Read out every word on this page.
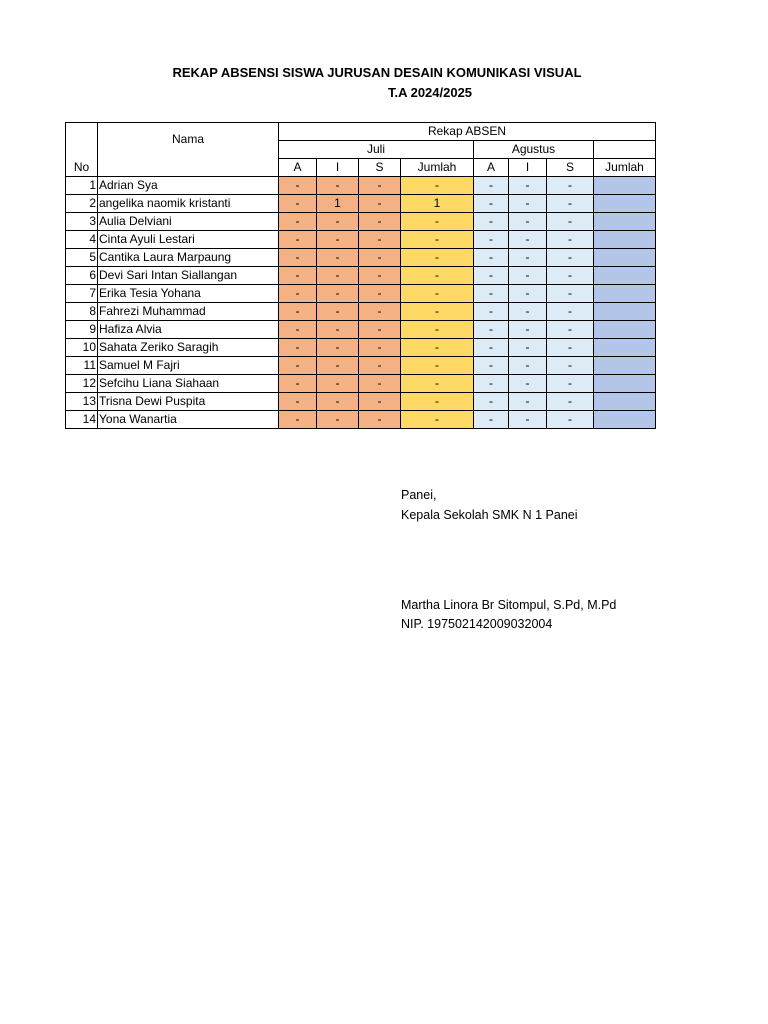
REKAP ABSENSI SISWA JURUSAN DESAIN KOMUNIKASI VISUAL
T.A 2024/2025
No	Nama	Rekap ABSEN							
		Juli				Agustus			
		A	I	S	Jumlah	A	I	S	Jumlah
1	Adrian Sya	-	-	-	-	-	-	-	
2	angelika naomik kristanti	-	1	-	1	-	-	-	
3	Aulia Delviani	-	-	-	-	-	-	-	
4	Cinta Ayuli Lestari	-	-	-	-	-	-	-	
5	Cantika Laura Marpaung	-	-	-	-	-	-	-	
6	Devi Sari Intan Siallangan	-	-	-	-	-	-	-	
7	Erika Tesia Yohana	-	-	-	-	-	-	-	
8	Fahrezi Muhammad	-	-	-	-	-	-	-	
9	Hafiza Alvia	-	-	-	-	-	-	-	
10	Sahata Zeriko Saragih	-	-	-	-	-	-	-	
11	Samuel M Fajri	-	-	-	-	-	-	-	
12	Sefcihu Liana Siahaan	-	-	-	-	-	-	-	
13	Trisna Dewi Puspita	-	-	-	-	-	-	-	
14	Yona Wanartia	-	-	-	-	-	-	-	
Panei,
Kepala Sekolah SMK N 1 Panei
Martha Linora Br Sitompul, S.Pd, M.Pd
NIP. 197502142009032004
